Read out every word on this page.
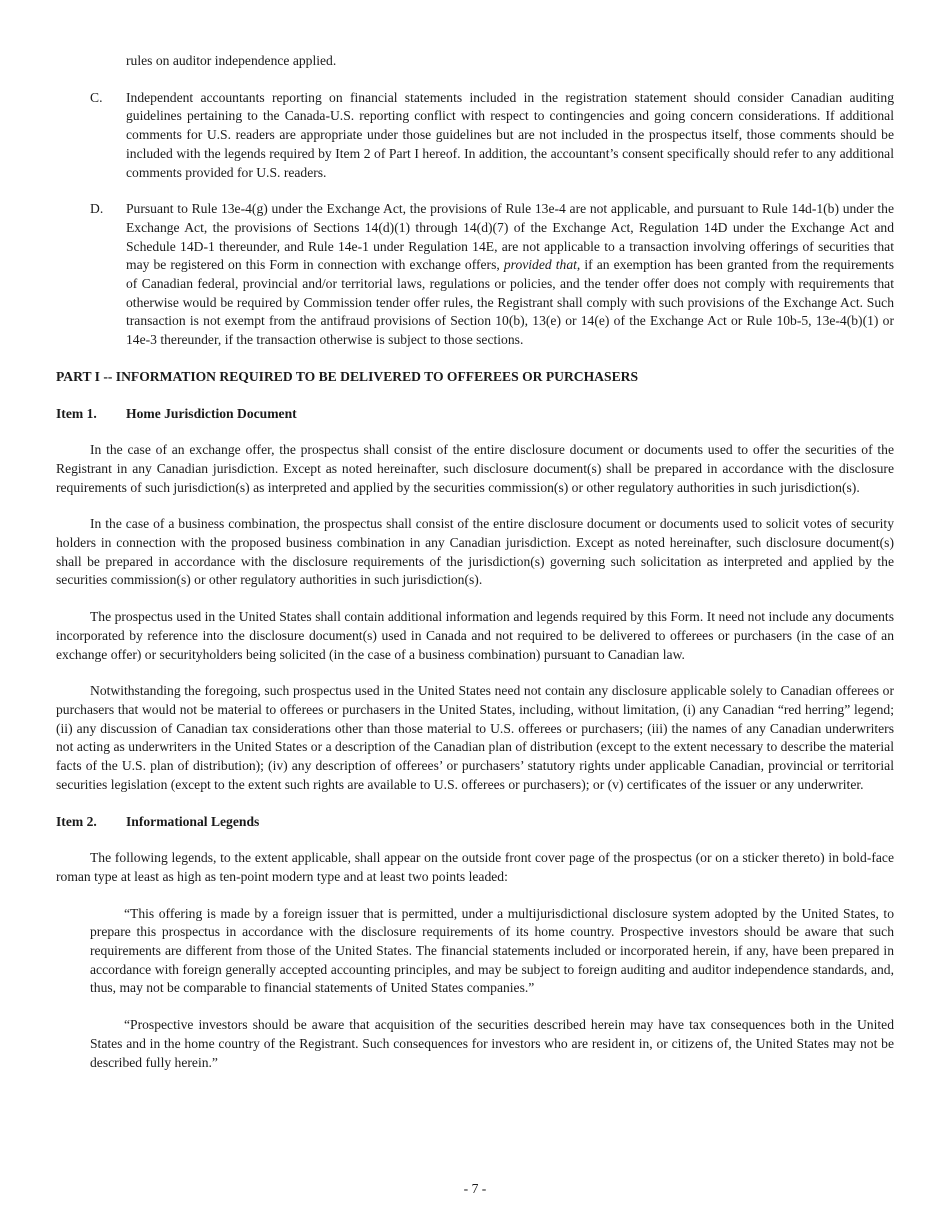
rules on auditor independence applied.

C.	Independent accountants reporting on financial statements included in the registration statement should consider Canadian auditing guidelines pertaining to the Canada-U.S. reporting conflict with respect to contingencies and going concern considerations. If additional comments for U.S. readers are appropriate under those guidelines but are not included in the prospectus itself, those comments should be included with the legends required by Item 2 of Part I hereof. In addition, the accountant’s consent specifically should refer to any additional comments provided for U.S. readers.
D.	Pursuant to Rule 13e-4(g) under the Exchange Act, the provisions of Rule 13e-4 are not applicable, and pursuant to Rule 14d-1(b) under the Exchange Act, the provisions of Sections 14(d)(1) through 14(d)(7) of the Exchange Act, Regulation 14D under the Exchange Act and Schedule 14D-1 thereunder, and Rule 14e-1 under Regulation 14E, are not applicable to a transaction involving offerings of securities that may be registered on this Form in connection with exchange offers, provided that, if an exemption has been granted from the requirements of Canadian federal, provincial and/or territorial laws, regulations or policies, and the tender offer does not comply with requirements that otherwise would be required by Commission tender offer rules, the Registrant shall comply with such provisions of the Exchange Act. Such transaction is not exempt from the antifraud provisions of Section 10(b), 13(e) or 14(e) of the Exchange Act or Rule 10b-5, 13e-4(b)(1) or 14e-3 thereunder, if the transaction otherwise is subject to those sections.

PART I -- INFORMATION REQUIRED TO BE DELIVERED TO OFFEREES OR PURCHASERS

Item 1.	Home Jurisdiction Document

In the case of an exchange offer, the prospectus shall consist of the entire disclosure document or documents used to offer the securities of the Registrant in any Canadian jurisdiction. Except as noted hereinafter, such disclosure document(s) shall be prepared in accordance with the disclosure requirements of such jurisdiction(s) as interpreted and applied by the securities commission(s) or other regulatory authorities in such jurisdiction(s).

In the case of a business combination, the prospectus shall consist of the entire disclosure document or documents used to solicit votes of security holders in connection with the proposed business combination in any Canadian jurisdiction. Except as noted hereinafter, such disclosure document(s) shall be prepared in accordance with the disclosure requirements of the jurisdiction(s) governing such solicitation as interpreted and applied by the securities commission(s) or other regulatory authorities in such jurisdiction(s).

The prospectus used in the United States shall contain additional information and legends required by this Form. It need not include any documents incorporated by reference into the disclosure document(s) used in Canada and not required to be delivered to offerees or purchasers (in the case of an exchange offer) or securityholders being solicited (in the case of a business combination) pursuant to Canadian law.

Notwithstanding the foregoing, such prospectus used in the United States need not contain any disclosure applicable solely to Canadian offerees or purchasers that would not be material to offerees or purchasers in the United States, including, without limitation, (i) any Canadian “red herring” legend; (ii) any discussion of Canadian tax considerations other than those material to U.S. offerees or purchasers; (iii) the names of any Canadian underwriters not acting as underwriters in the United States or a description of the Canadian plan of distribution (except to the extent necessary to describe the material facts of the U.S. plan of distribution); (iv) any description of offerees’ or purchasers’ statutory rights under applicable Canadian, provincial or territorial securities legislation (except to the extent such rights are available to U.S. offerees or purchasers); or (v) certificates of the issuer or any underwriter.

Item 2.	Informational Legends

The following legends, to the extent applicable, shall appear on the outside front cover page of the prospectus (or on a sticker thereto) in bold-face roman type at least as high as ten-point modern type and at least two points leaded:

“This offering is made by a foreign issuer that is permitted, under a multijurisdictional disclosure system adopted by the United States, to prepare this prospectus in accordance with the disclosure requirements of its home country. Prospective investors should be aware that such requirements are different from those of the United States. The financial statements included or incorporated herein, if any, have been prepared in accordance with foreign generally accepted accounting principles, and may be subject to foreign auditing and auditor independence standards, and, thus, may not be comparable to financial statements of United States companies.”

“Prospective investors should be aware that acquisition of the securities described herein may have tax consequences both in the United States and in the home country of the Registrant. Such consequences for investors who are resident in, or citizens of, the United States may not be described fully herein.”

- 7 -
